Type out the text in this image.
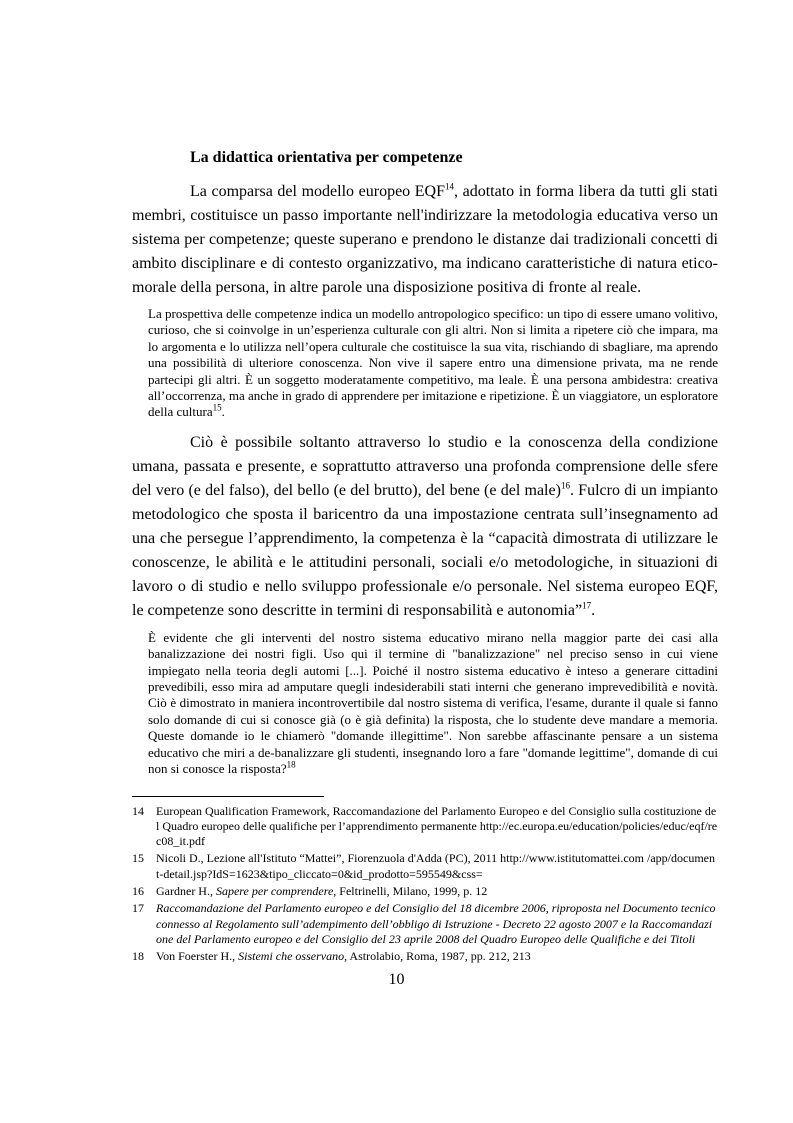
La didattica orientativa per competenze

La comparsa del modello europeo EQF$^{14}$, adottato in forma libera da tutti gli stati membri, costituisce un passo importante nell'indirizzare la metodologia educativa verso un sistema per competenze; queste superano e prendono le distanze dai tradizionali concetti di ambito disciplinare e di contesto organizzativo, ma indicano caratteristiche di natura etico-morale della persona, in altre parole una disposizione positiva di fronte al reale.

La prospettiva delle competenze indica un modello antropologico specifico: un tipo di essere umano volitivo, curioso, che si coinvolge in un’esperienza culturale con gli altri. Non si limita a ripetere ciò che impara, ma lo argomenta e lo utilizza nell’opera culturale che costituisce la sua vita, rischiando di sbagliare, ma aprendo una possibilità di ulteriore conoscenza. Non vive il sapere entro una dimensione privata, ma ne rende partecipi gli altri. È un soggetto moderatamente competitivo, ma leale. È una persona ambidestra: creativa all’occorrenza, ma anche in grado di apprendere per imitazione e ripetizione. È un viaggiatore, un esploratore della cultura$^{15}$.

Ciò è possibile soltanto attraverso lo studio e la conoscenza della condizione umana, passata e presente, e soprattutto attraverso una profonda comprensione delle sfere del vero (e del falso), del bello (e del brutto), del bene (e del male)$^{16}$. Fulcro di un impianto metodologico che sposta il baricentro da una impostazione centrata sull’insegnamento ad una che persegue l’apprendimento, la competenza è la “capacità dimostrata di utilizzare le conoscenze, le abilità e le attitudini personali, sociali e/o metodologiche, in situazioni di lavoro o di studio e nello sviluppo professionale e/o personale. Nel sistema europeo EQF, le competenze sono descritte in termini di responsabilità e autonomia”$^{17}$.

È evidente che gli interventi del nostro sistema educativo mirano nella maggior parte dei casi alla banalizzazione dei nostri figli. Uso qui il termine di "banalizzazione" nel preciso senso in cui viene impiegato nella teoria degli automi [...]. Poiché il nostro sistema educativo è inteso a generare cittadini prevedibili, esso mira ad amputare quegli indesiderabili stati interni che generano imprevedibilità e novità. Ciò è dimostrato in maniera incontrovertibile dal nostro sistema di verifica, l'esame, durante il quale si fanno solo domande di cui si conosce già (o è già definita) la risposta, che lo studente deve mandare a memoria. Queste domande io le chiamerò "domande illegittime". Non sarebbe affascinante pensare a un sistema educativo che miri a de-banalizzare gli studenti, insegnando loro a fare "domande legittime", domande di cui non si conosce la risposta?$^{18}$
14	European Qualification Framework, Raccomandazione del Parlamento Europeo e del Consiglio sulla costituzione del Quadro europeo delle qualifiche per l’apprendimento permanente http://ec.europa.eu/education/policies/educ/eqf/rec08_it.pdf
15	Nicoli D., Lezione all'Istituto “Mattei”, Fiorenzuola d'Adda (PC), 2011 http://www.istitutomattei.com /app/document-detail.jsp?IdS=1623&tipo_cliccato=0&id_prodotto=595549&css=
16	Gardner H., Sapere per comprendere, Feltrinelli, Milano, 1999, p. 12
17	Raccomandazione del Parlamento europeo e del Consiglio del 18 dicembre 2006, riproposta nel Documento tecnico connesso al Regolamento sull’adempimento dell’obbligo di Istruzione - Decreto 22 agosto 2007 e la Raccomandazione del Parlamento europeo e del Consiglio del 23 aprile 2008 del Quadro Europeo delle Qualifiche e dei Titoli
18	Von Foerster H., Sistemi che osservano, Astrolabio, Roma, 1987, pp. 212, 213
10
